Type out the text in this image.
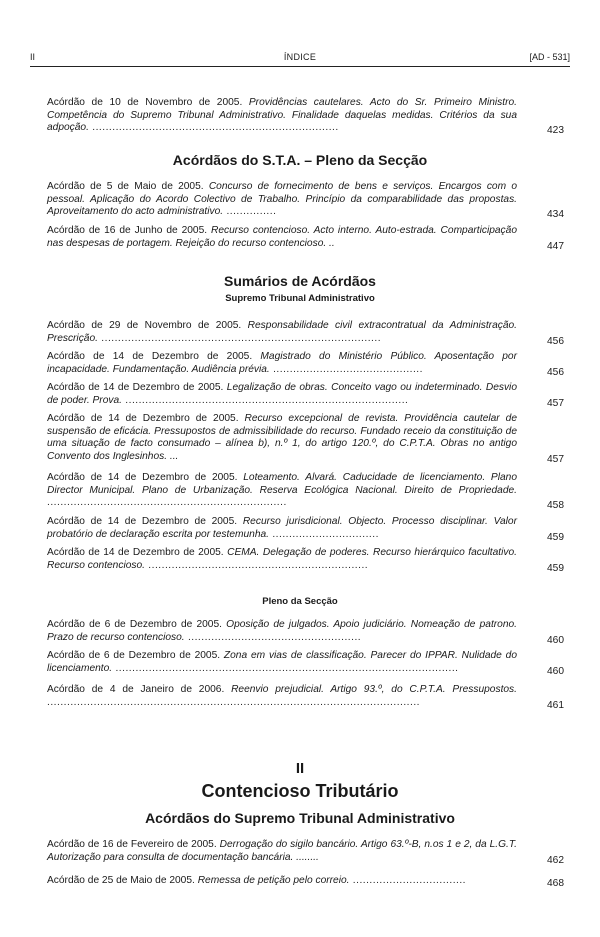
II	ÍNDICE	[AD - 531]
Acórdão de 10 de Novembro de 2005. Providências cautelares. Acto do Sr. Primeiro Ministro. Competência do Supremo Tribunal Administrativo. Finalidade daquelas medidas. Critérios da sua adpoção. ..........................................................................	423
Acórdãos do S.T.A. – Pleno da Secção
Acórdão de 5 de Maio de 2005. Concurso de fornecimento de bens e serviços. Encargos com o pessoal. Aplicação do Acordo Colectivo de Trabalho. Princípio da comparabilidade das propostas. Aproveitamento do acto administrativo. ...............	434
Acórdão de 16 de Junho de 2005. Recurso contencioso. Acto interno. Auto-estrada. Comparticipação nas despesas de portagem. Rejeição do recurso contencioso. ..	447
Sumários de Acórdãos
Supremo Tribunal Administrativo
Acórdão de 29 de Novembro de 2005. Responsabilidade civil extracontratual da Administração. Prescrição. ....................................................................................	456
Acórdão de 14 de Dezembro de 2005. Magistrado do Ministério Público. Aposentação por incapacidade. Fundamentação. Audiência prévia. .............................................	456
Acórdão de 14 de Dezembro de 2005. Legalização de obras. Conceito vago ou indeterminado. Desvio de poder. Prova. .....................................................................................	457
Acórdão de 14 de Dezembro de 2005. Recurso excepcional de revista. Providência cautelar de suspensão de eficácia. Pressupostos de admissibilidade do recurso. Fundado receio da constituição de uma situação de facto consumado – alínea b), n.º 1, do artigo 120.º, do C.P.T.A. Obras no antigo Convento dos Inglesinhos. ...	457
Acórdão de 14 de Dezembro de 2005. Loteamento. Alvará. Caducidade de licenciamento. Plano Director Municipal. Plano de Urbanização. Reserva Ecológica Nacional. Direito de Propriedade. ........................................................................	458
Acórdão de 14 de Dezembro de 2005. Recurso jurisdicional. Objecto. Processo disciplinar. Valor probatório de declaração escrita por testemunha. ................................	459
Acórdão de 14 de Dezembro de 2005. CEMA. Delegação de poderes. Recurso hierárquico facultativo. Recurso contencioso. ..................................................................	459
Pleno da Secção
Acórdão de 6 de Dezembro de 2005. Oposição de julgados. Apoio judiciário. Nomeação de patrono. Prazo de recurso contencioso. ....................................................	460
Acórdão de 6 de Dezembro de 2005. Zona em vias de classificação. Parecer do IPPAR. Nulidade do licenciamento. .......................................................................................................	460
Acórdão de 4 de Janeiro de 2006. Reenvio prejudicial. Artigo 93.º, do C.P.T.A. Pressupostos. ................................................................................................................	461
II
Contencioso Tributário
Acórdãos do Supremo Tribunal Administrativo
Acórdão de 16 de Fevereiro de 2005. Derrogação do sigilo bancário. Artigo 63.º-B, n.os 1 e 2, da L.G.T. Autorização para consulta de documentação bancária. ........	462
Acórdão de 25 de Maio de 2005. Remessa de petição pelo correio. ..................................	468
